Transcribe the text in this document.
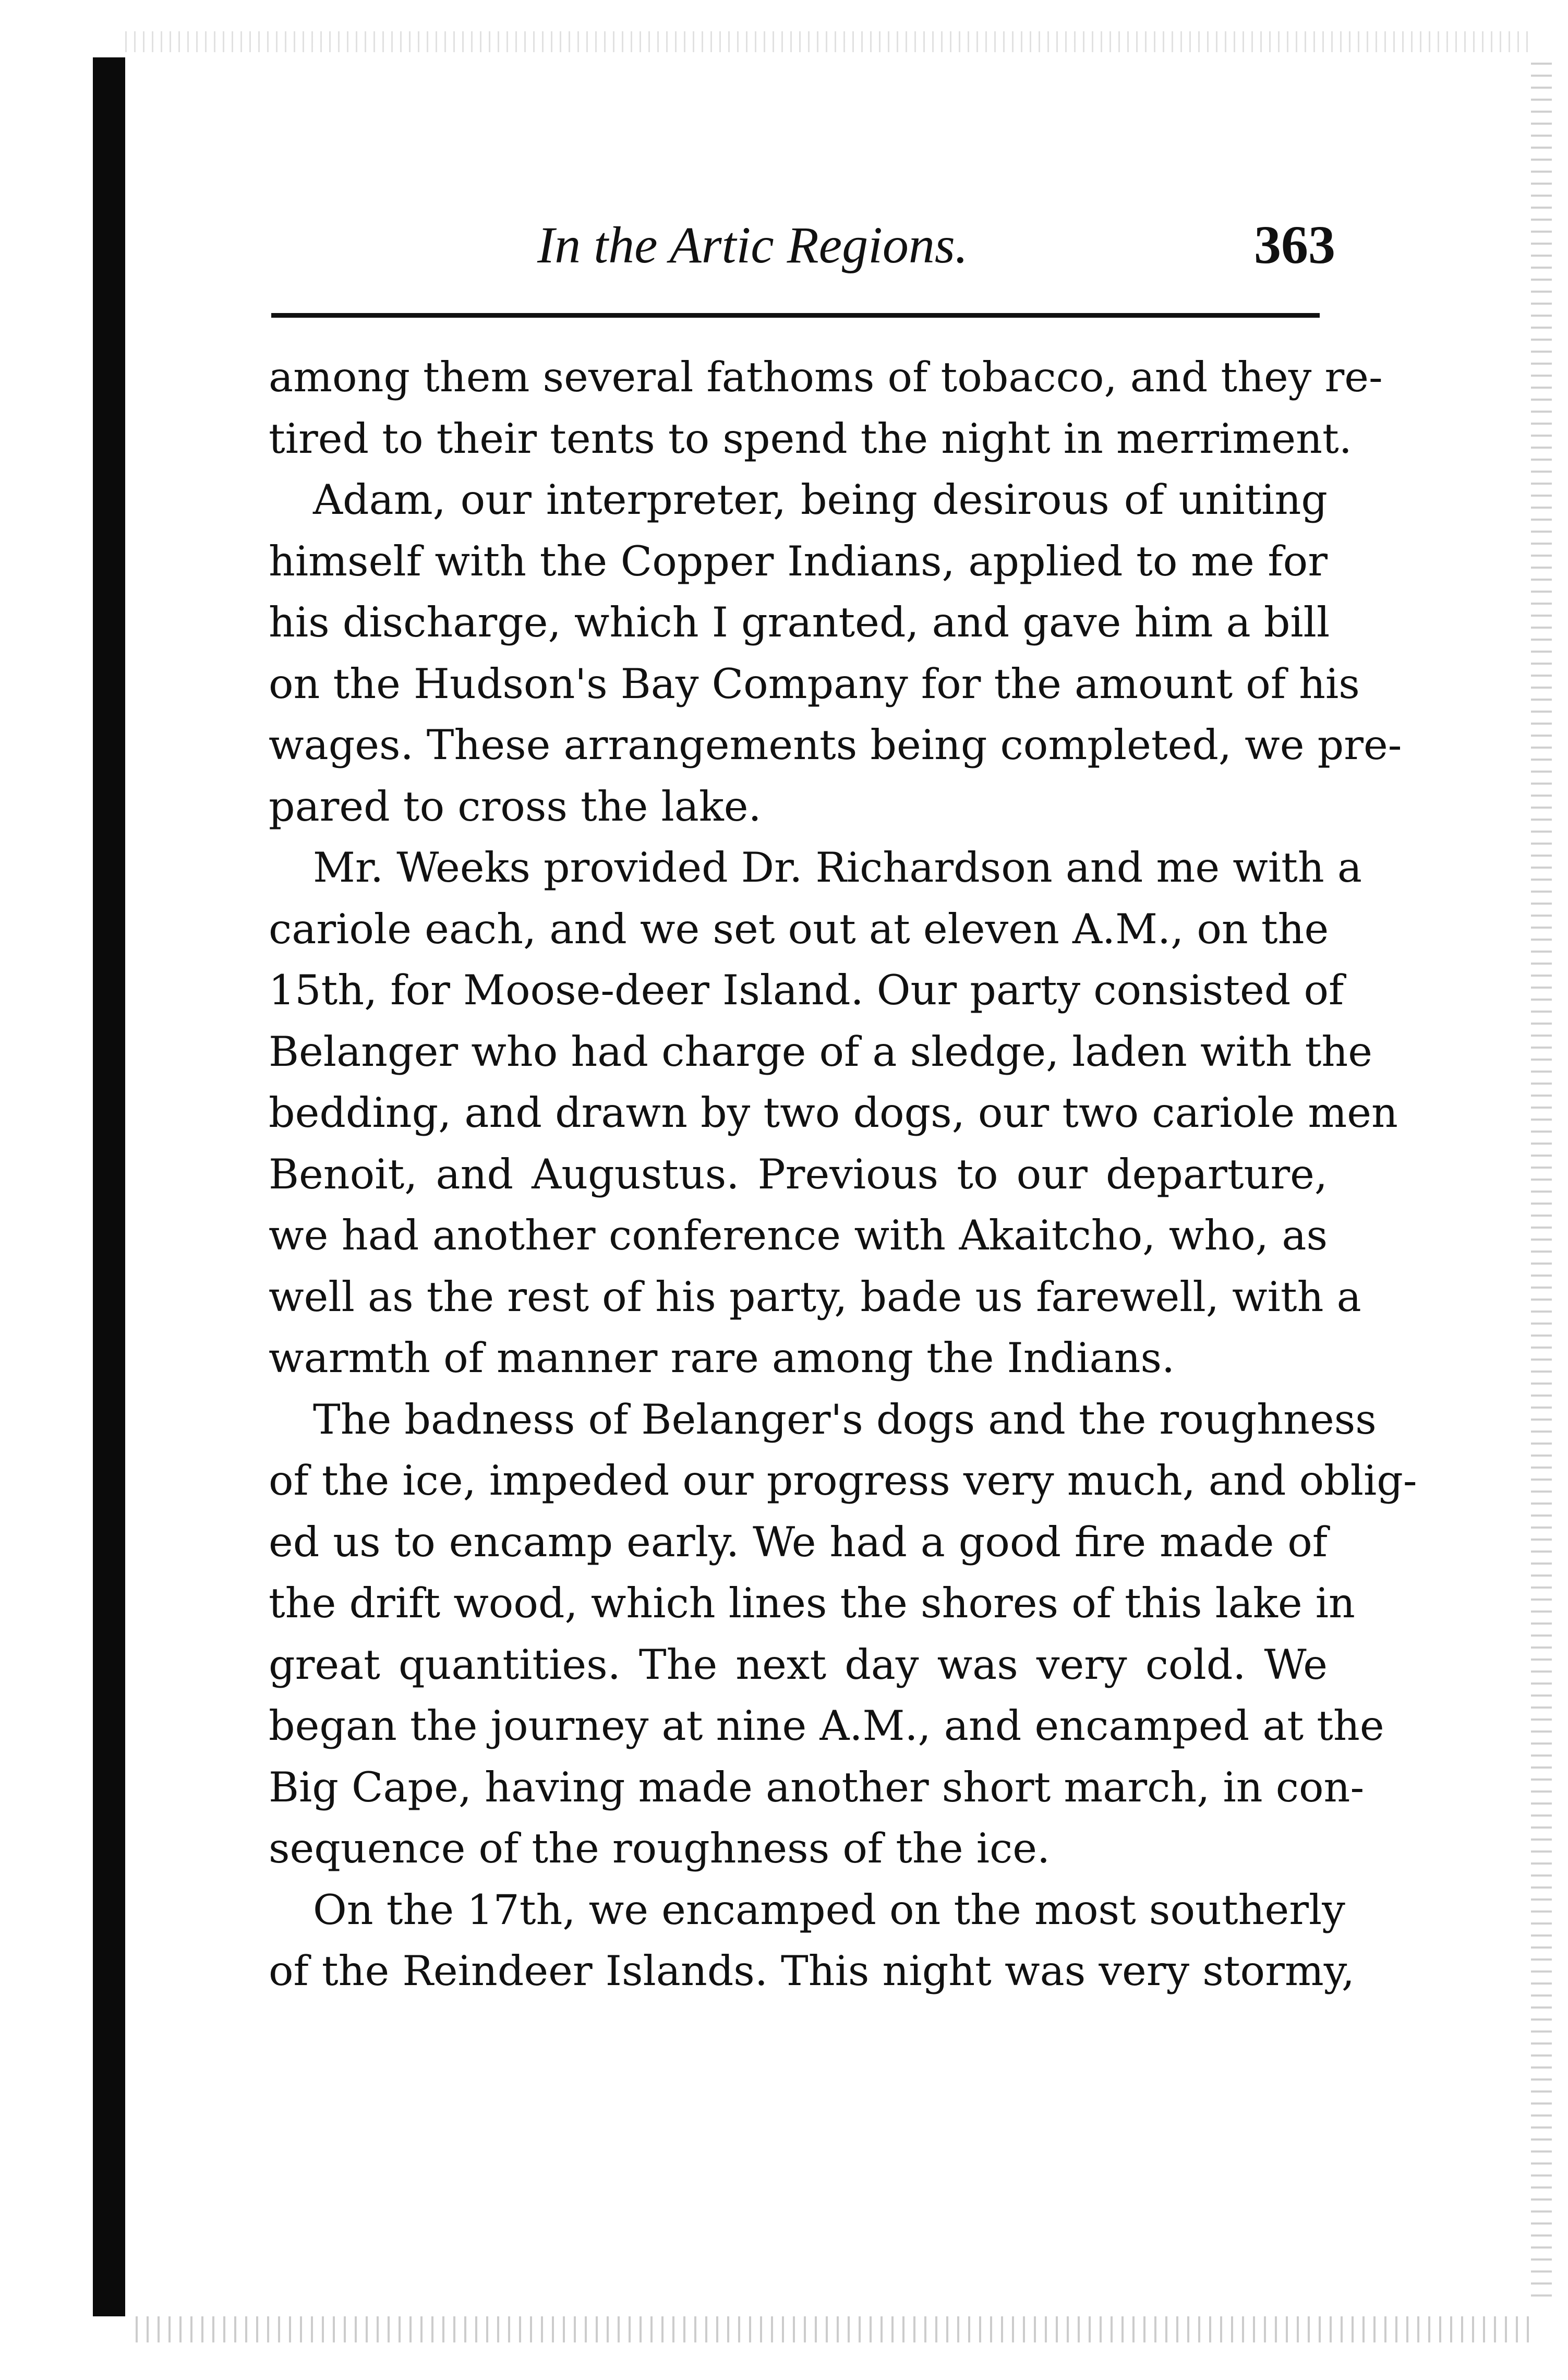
In the Artic Regions.	363
among them several fathoms of tobacco, and they re-
tired to their tents to spend the night in merriment.
Adam, our interpreter, being desirous of uniting
himself with the Copper Indians, applied to me for
his discharge, which I granted, and gave him a bill
on the Hudson's Bay Company for the amount of his
wages. These arrangements being completed, we pre-
pared to cross the lake.
Mr. Weeks provided Dr. Richardson and me with a
cariole each, and we set out at eleven A.M., on the
15th, for Moose-deer Island. Our party consisted of
Belanger who had charge of a sledge, laden with the
bedding, and drawn by two dogs, our two cariole men
Benoit, and Augustus. Previous to our departure,
we had another conference with Akaitcho, who, as
well as the rest of his party, bade us farewell, with a
warmth of manner rare among the Indians.
The badness of Belanger's dogs and the roughness
of the ice, impeded our progress very much, and oblig-
ed us to encamp early. We had a good fire made of
the drift wood, which lines the shores of this lake in
great quantities. The next day was very cold. We
began the journey at nine A.M., and encamped at the
Big Cape, having made another short march, in con-
sequence of the roughness of the ice.
On the 17th, we encamped on the most southerly
of the Reindeer Islands. This night was very stormy,
